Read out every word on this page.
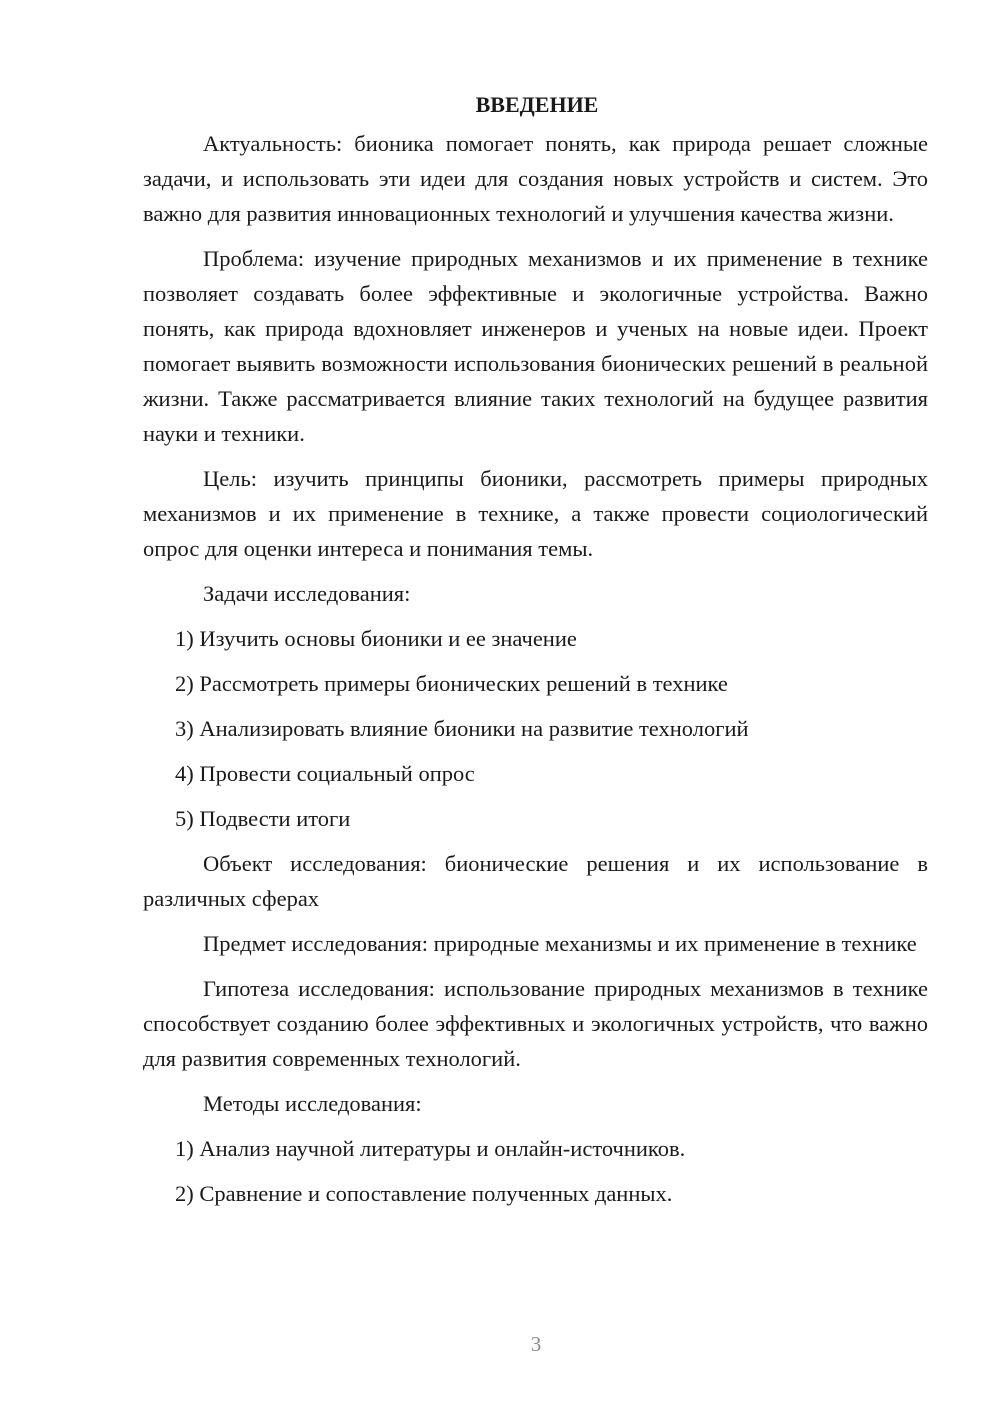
ВВЕДЕНИЕ

Актуальность: бионика помогает понять, как природа решает сложные задачи, и использовать эти идеи для создания новых устройств и систем. Это важно для развития инновационных технологий и улучшения качества жизни.

Проблема: изучение природных механизмов и их применение в технике позволяет создавать более эффективные и экологичные устройства. Важно понять, как природа вдохновляет инженеров и ученых на новые идеи. Проект помогает выявить возможности использования бионических решений в реальной жизни. Также рассматривается влияние таких технологий на будущее развития науки и техники.

Цель: изучить принципы бионики, рассмотреть примеры природных механизмов и их применение в технике, а также провести социологический опрос для оценки интереса и понимания темы.

Задачи исследования:

1) Изучить основы бионики и ее значение
2) Рассмотреть примеры бионических решений в технике
3) Анализировать влияние бионики на развитие технологий
4) Провести социальный опрос
5) Подвести итоги

Объект исследования: бионические решения и их использование в различных сферах

Предмет исследования: природные механизмы и их применение в технике

Гипотеза исследования: использование природных механизмов в технике способствует созданию более эффективных и экологичных устройств, что важно для развития современных технологий.

Методы исследования:

1) Анализ научной литературы и онлайн-источников.
2) Сравнение и сопоставление полученных данных.
3
